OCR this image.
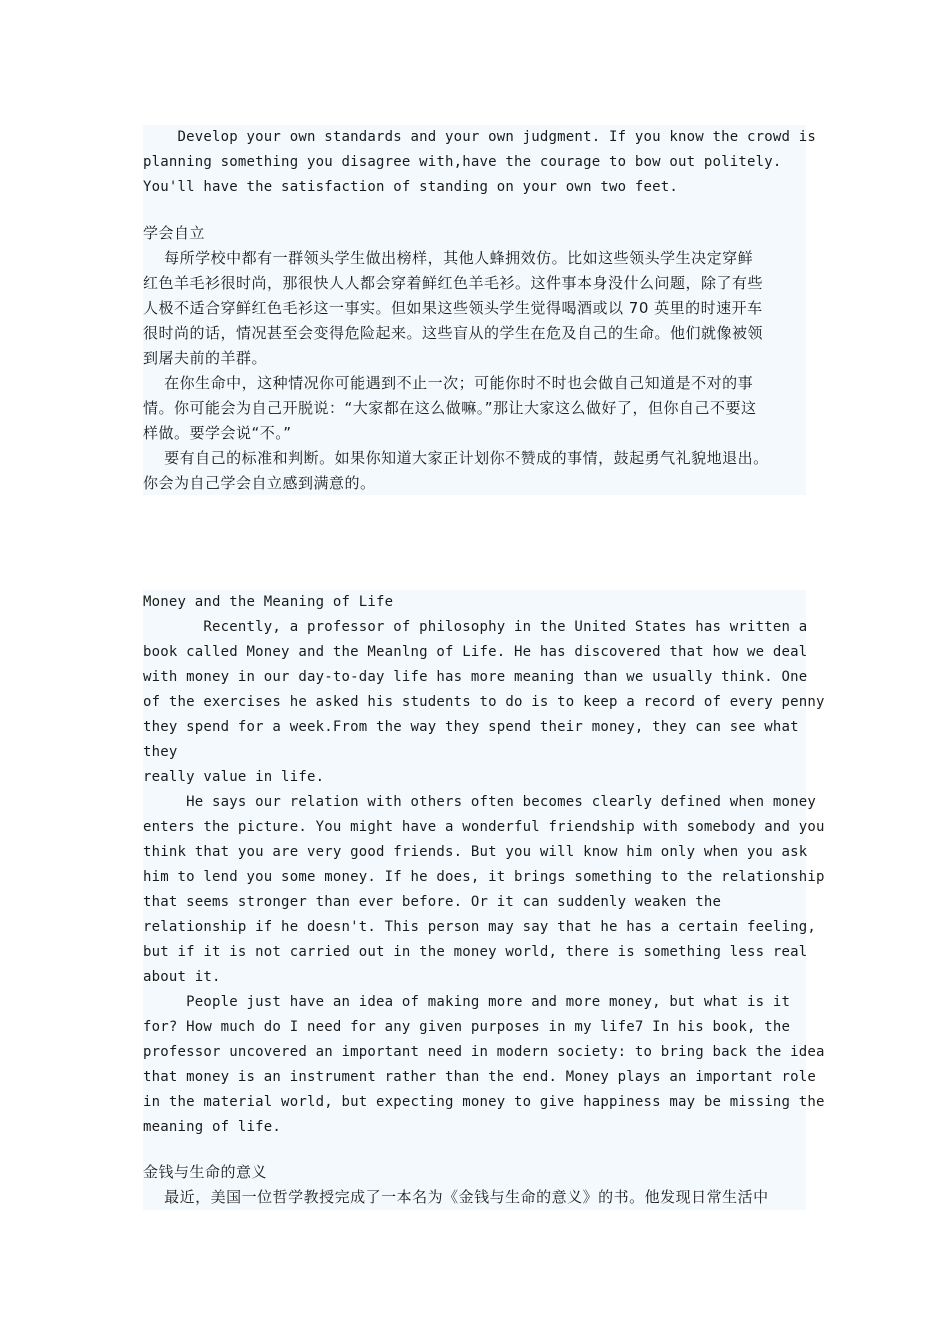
Develop your own standards and your own judgment. If you know the crowd is
planning something you disagree with,have the courage to bow out politely.
You'll have the satisfaction of standing on your own two feet.
学会自立
每所学校中都有一群领头学生做出榜样，其他人蜂拥效仿。比如这些领头学生决定穿鲜
红色羊毛衫很时尚，那很快人人都会穿着鲜红色羊毛衫。这件事本身没什么问题，除了有些
人极不适合穿鲜红色毛衫这一事实。但如果这些领头学生觉得喝酒或以 70 英里的时速开车
很时尚的话，情况甚至会变得危险起来。这些盲从的学生在危及自己的生命。他们就像被领
到屠夫前的羊群。
在你生命中，这种情况你可能遇到不止一次；可能你时不时也会做自己知道是不对的事
情。你可能会为自己开脱说：“大家都在这么做嘛。”那让大家这么做好了，但你自己不要这
样做。要学会说“不。”
要有自己的标准和判断。如果你知道大家正计划你不赞成的事情，鼓起勇气礼貌地退出。
你会为自己学会自立感到满意的。
Money and the Meaning of Life
Recently, a professor of philosophy in the United States has written a
book called Money and the Meanlng of Life. He has discovered that how we deal
with money in our day-to-day life has more meaning than we usually think. One
of the exercises he asked his students to do is to keep a record of every penny
they spend for a week.From the way they spend their money, they can see what
they
really value in life.
He says our relation with others often becomes clearly defined when money
enters the picture. You might have a wonderful friendship with somebody and you
think that you are very good friends. But you will know him only when you ask
him to lend you some money. If he does, it brings something to the relationship
that seems stronger than ever before. Or it can suddenly weaken the
relationship if he doesn't. This person may say that he has a certain feeling,
but if it is not carried out in the money world, there is something less real
about it.
People just have an idea of making more and more money, but what is it
for? How much do I need for any given purposes in my life7 In his book, the
professor uncovered an important need in modern society: to bring back the idea
that money is an instrument rather than the end. Money plays an important role
in the material world, but expecting money to give happiness may be missing the
meaning of life.
金钱与生命的意义
最近，美国一位哲学教授完成了一本名为《金钱与生命的意义》的书。他发现日常生活中
